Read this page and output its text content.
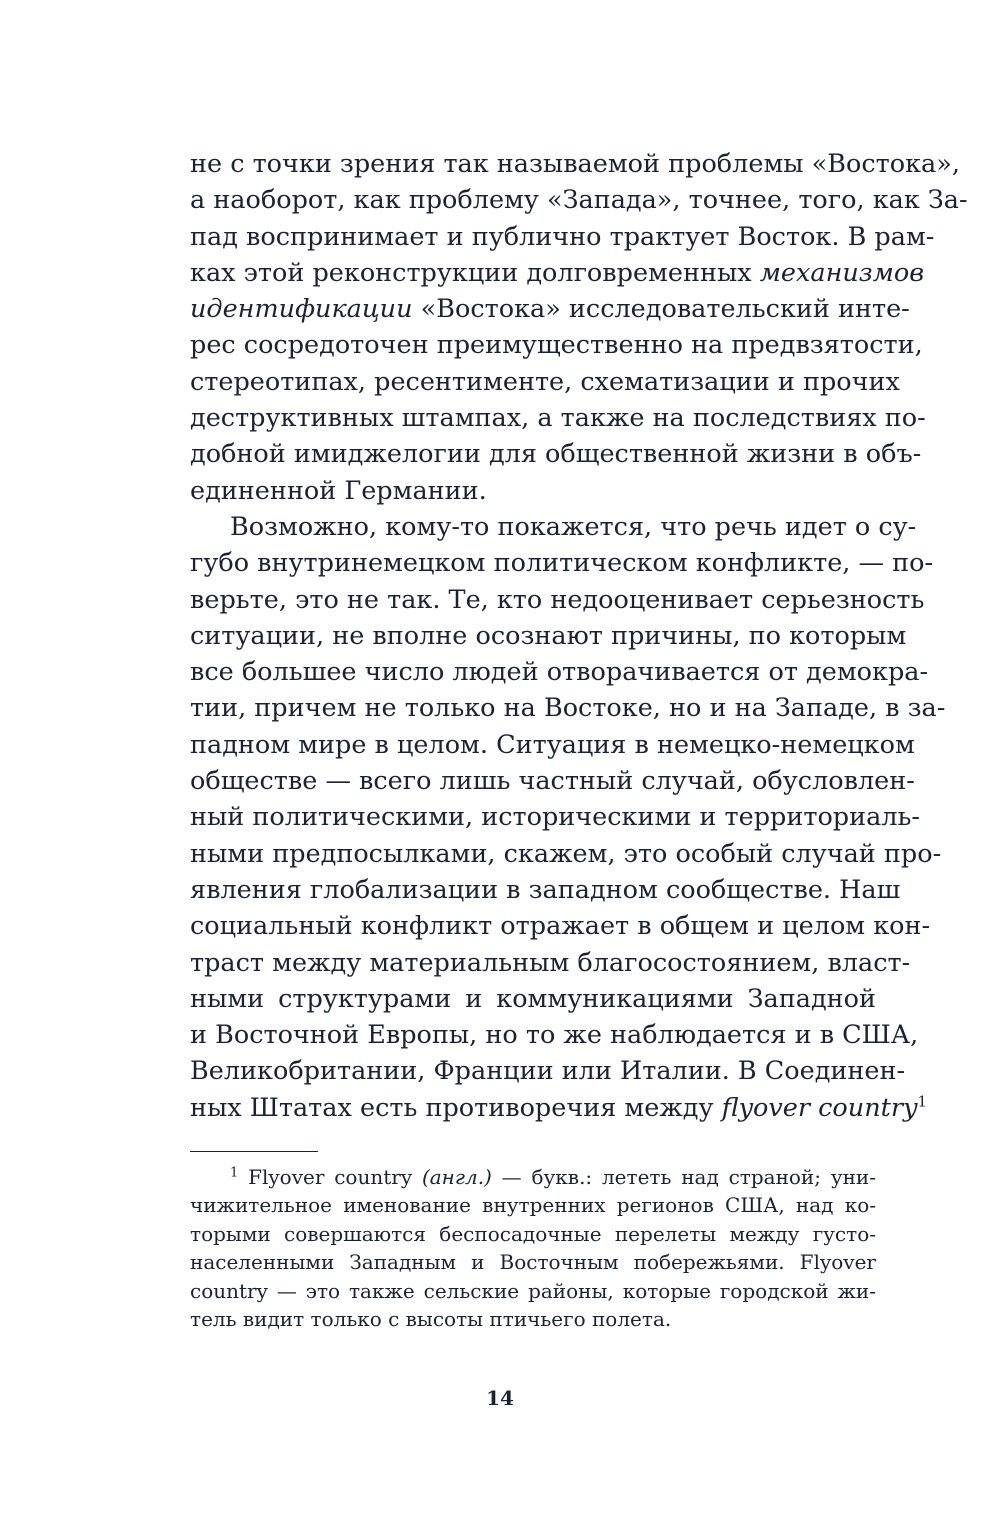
не с точки зрения так называемой проблемы «Востока»,
а наоборот, как проблему «Запада», точнее, того, как За-
пад воспринимает и публично трактует Восток. В рам-
ках этой реконструкции долговременных механизмов
идентификации «Востока» исследовательский инте-
рес сосредоточен преимущественно на предвзятости,
стереотипах, ресентименте, схематизации и прочих
деструктивных штампах, а также на последствиях по-
добной имиджелогии для общественной жизни в объ-
единенной Германии.
Возможно, кому-то покажется, что речь идет о су-
губо внутринемецком политическом конфликте, — по-
верьте, это не так. Те, кто недооценивает серьезность
ситуации, не вполне осознают причины, по которым
все большее число людей отворачивается от демокра-
тии, причем не только на Востоке, но и на Западе, в за-
падном мире в целом. Ситуация в немецко-немецком
обществе — всего лишь частный случай, обусловлен-
ный политическими, историческими и территориаль-
ными предпосылками, скажем, это особый случай про-
явления глобализации в западном сообществе. Наш
социальный конфликт отражает в общем и целом кон-
траст между материальным благосостоянием, власт-
ными структурами и коммуникациями Западной
и Восточной Европы, но то же наблюдается и в США,
Великобритании, Франции или Италии. В Соединен-
ных Штатах есть противоречия между flyover country$^1$
$^1$ Flyover country (англ.) — букв.: лететь над страной; уни-
чижительное именование внутренних регионов США, над ко-
торыми совершаются беспосадочные перелеты между густо-
населенными Западным и Восточным побережьями. Flyover
country — это также сельские районы, которые городской жи-
тель видит только с высоты птичьего полета.
14
